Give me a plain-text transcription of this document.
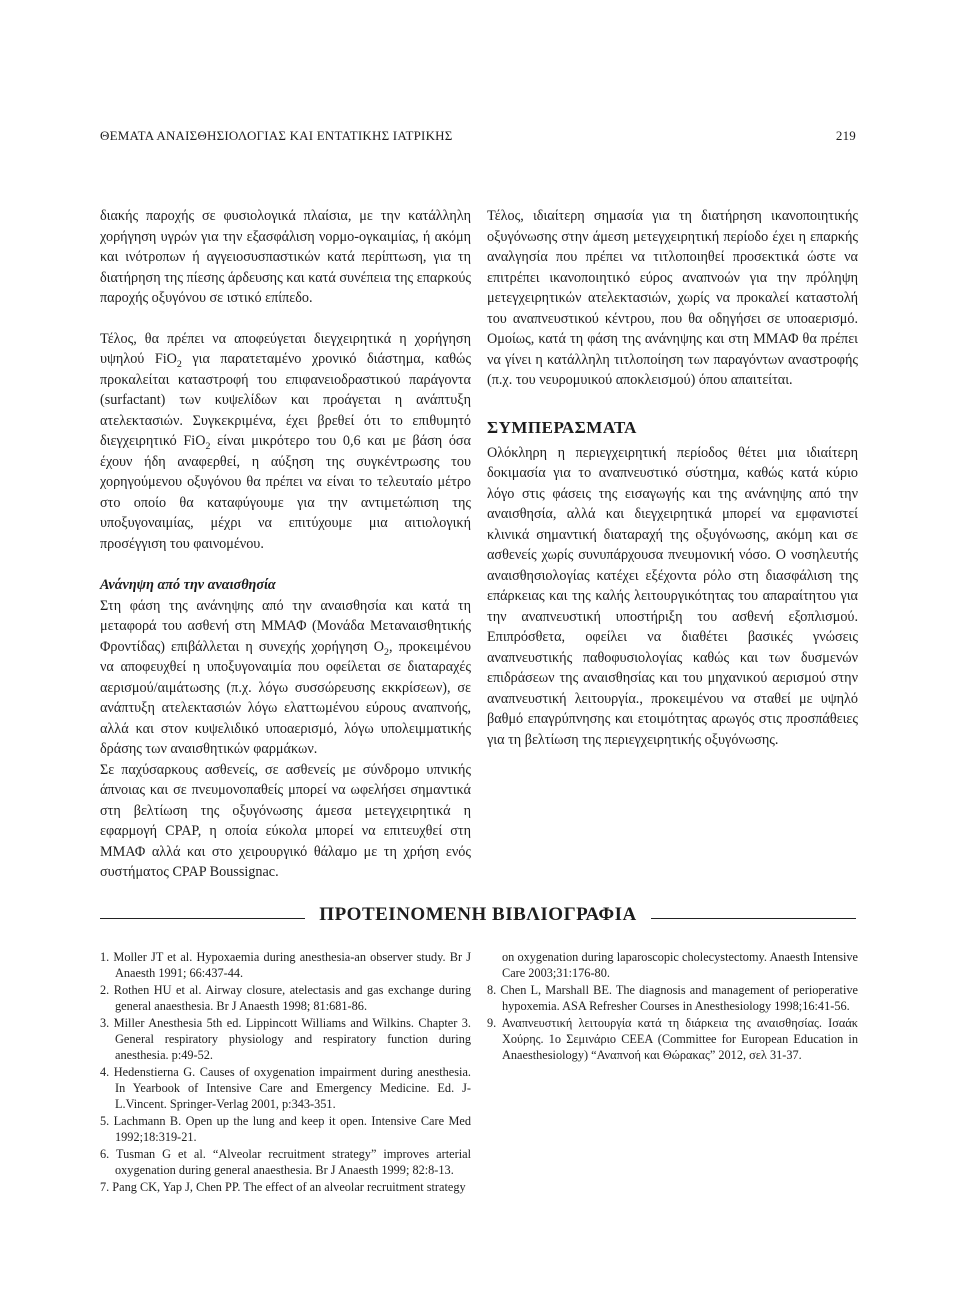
ΘΕΜΑΤΑ ΑΝΑΙΣΘΗΣΙΟΛΟΓΙΑΣ ΚΑΙ ΕΝΤΑΤΙΚΗΣ ΙΑΤΡΙΚΗΣ	219

διακής παροχής σε φυσιολογικά πλαίσια, με την κατάλληλη χορήγηση υγρών για την εξασφάλιση νορμο-ογκαιμίας, ή ακόμη και ινότροπων ή αγγειοσυσπαστικών κατά περίπτωση, για τη διατήρηση της πίεσης άρδευσης και κατά συνέπεια της επαρκούς παροχής οξυγόνου σε ιστικό επίπεδο.

Τέλος, θα πρέπει να αποφεύγεται διεγχειρητικά η χορήγηση υψηλού FiO$_2$ για παρατεταμένο χρονικό διάστημα, καθώς προκαλείται καταστροφή του επιφανειοδραστικού παράγοντα (surfactant) των κυψελίδων και προάγεται η ανάπτυξη ατελεκτασιών. Συγκεκριμένα, έχει βρεθεί ότι το επιθυμητό διεγχειρητικό FiO$_2$ είναι μικρότερο του 0,6 και με βάση όσα έχουν ήδη αναφερθεί, η αύξηση της συγκέντρωσης του χορηγούμενου οξυγόνου θα πρέπει να είναι το τελευταίο μέτρο στο οποίο θα καταφύγουμε για την αντιμετώπιση της υποξυγοναιμίας, μέχρι να επιτύχουμε μια αιτιολογική προσέγγιση του φαινομένου.

Ανάνηψη από την αναισθησία

Στη φάση της ανάνηψης από την αναισθησία και κατά τη μεταφορά του ασθενή στη ΜΜΑΦ (Μονάδα Μεταναισθητικής Φροντίδας) επιβάλλεται η συνεχής χορήγηση $O_2$, προκειμένου να αποφευχθεί η υποξυγοναιμία που οφείλεται σε διαταραχές αερισμού/αιμάτωσης (π.χ. λόγω συσσώρευσης εκκρίσεων), σε ανάπτυξη ατελεκτασιών λόγω ελαττωμένου εύρους αναπνοής, αλλά και στον κυψελιδικό υποαερισμό, λόγω υπολειμματικής δράσης των αναισθητικών φαρμάκων.

Σε παχύσαρκους ασθενείς, σε ασθενείς με σύνδρομο υπνικής άπνοιας και σε πνευμονοπαθείς μπορεί να ωφελήσει σημαντικά στη βελτίωση της οξυγόνωσης άμεσα μετεγχειρητικά η εφαρμογή CPAP, η οποία εύκολα μπορεί να επιτευχθεί στη ΜΜΑΦ αλλά και στο χειρουργικό θάλαμο με τη χρήση ενός συστήματος CPAP Boussignac.

Τέλος, ιδιαίτερη σημασία για τη διατήρηση ικανοποιητικής οξυγόνωσης στην άμεση μετεγχειρητική περίοδο έχει η επαρκής αναλγησία που πρέπει να τιτλοποιηθεί προσεκτικά ώστε να επιτρέπει ικανοποιητικό εύρος αναπνοών για την πρόληψη μετεγχειρητικών ατελεκτασιών, χωρίς να προκαλεί καταστολή του αναπνευστικού κέντρου, που θα οδηγήσει σε υποαερισμό. Ομοίως, κατά τη φάση της ανάνηψης και στη ΜΜΑΦ θα πρέπει να γίνει η κατάλληλη τιτλοποίηση των παραγόντων αναστροφής (π.χ. του νευρομυικού αποκλεισμού) όπου απαιτείται.

ΣΥΜΠΕΡΑΣΜΑΤΑ

Ολόκληρη η περιεγχειρητική περίοδος θέτει μια ιδιαίτερη δοκιμασία για το αναπνευστικό σύστημα, καθώς κατά κύριο λόγο στις φάσεις της εισαγωγής και της ανάνηψης από την αναισθησία, αλλά και διεγχειρητικά μπορεί να εμφανιστεί κλινικά σημαντική διαταραχή της οξυγόνωσης, ακόμη και σε ασθενείς χωρίς συνυπάρχουσα πνευμονική νόσο. Ο νοσηλευτής αναισθησιολογίας κατέχει εξέχοντα ρόλο στη διασφάλιση της επάρκειας και της καλής λειτουργικότητας του απαραίτητου για την αναπνευστική υποστήριξη του ασθενή εξοπλισμού. Επιπρόσθετα, οφείλει να διαθέτει βασικές γνώσεις αναπνευστικής παθοφυσιολογίας καθώς και των δυσμενών επιδράσεων της αναισθησίας και του μηχανικού αερισμού στην αναπνευστική λειτουργία., προκειμένου να σταθεί με υψηλό βαθμό επαγρύπνησης και ετοιμότητας αρωγός στις προσπάθειες για τη βελτίωση της περιεγχειρητικής οξυγόνωσης.

ΠΡΟΤΕΙΝΟΜΕΝΗ ΒΙΒΛΙΟΓΡΑΦΙΑ
1. Moller JT et al. Hypoxaemia during anesthesia-an observer study. Br J Anaesth 1991; 66:437-44.
2. Rothen HU et al. Airway closure, atelectasis and gas exchange during general anaesthesia. Br J Anaesth 1998; 81:681-86.
3. Miller Anesthesia 5th ed. Lippincott Williams and Wilkins. Chapter 3. General respiratory physiology and respiratory function during anesthesia. p:49-52.
4. Hedenstierna G. Causes of oxygenation impairment during anesthesia. In Yearbook of Intensive Care and Emergency Medicine. Ed. J-L.Vincent. Springer-Verlag 2001, p:343-351.
5. Lachmann B. Open up the lung and keep it open. Intensive Care Med 1992;18:319-21.
6. Tusman G et al. “Alveolar recruitment strategy” improves arterial oxygenation during general anaesthesia. Br J Anaesth 1999; 82:8-13.
7. Pang CK, Yap J, Chen PP. The effect of an alveolar recruitment strategy
on oxygenation during laparoscopic cholecystectomy. Anaesth Intensive Care 2003;31:176-80.
8. Chen L, Marshall BE. The diagnosis and management of perioperative hypoxemia. ASA Refresher Courses in Anesthesiology 1998;16:41-56.
9. Αναπνευστική λειτουργία κατά τη διάρκεια της αναισθησίας. Ισαάκ Χούρης. 1ο Σεμινάριο CEEA (Committee for European Education in Anaesthesiology) “Αναπνοή και Θώρακας” 2012, σελ 31-37.
